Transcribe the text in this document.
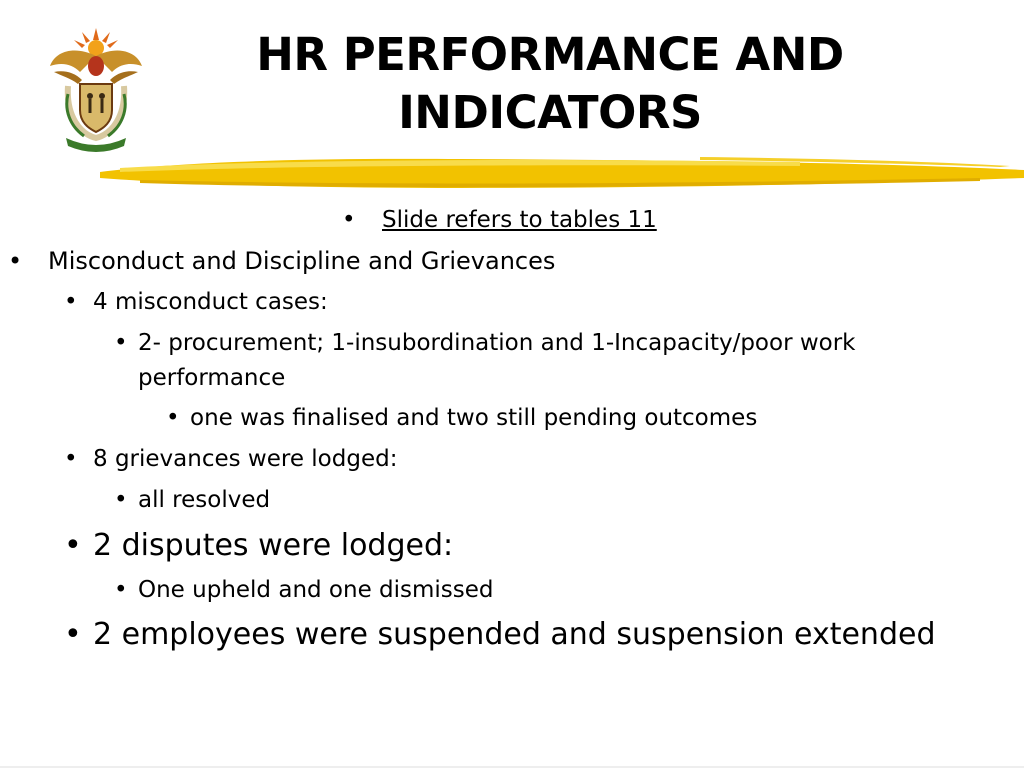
HR PERFORMANCE AND
INDICATORS
• Slide refers to tables 11
• Misconduct and Discipline and Grievances
• 4 misconduct cases:
• 2- procurement; 1-insubordination and 1-Incapacity/poor work
performance
• one was finalised and two still pending outcomes
• 8 grievances were lodged:
• all resolved
• 2 disputes were lodged:
• One upheld and one dismissed
• 2 employees were suspended and suspension extended
